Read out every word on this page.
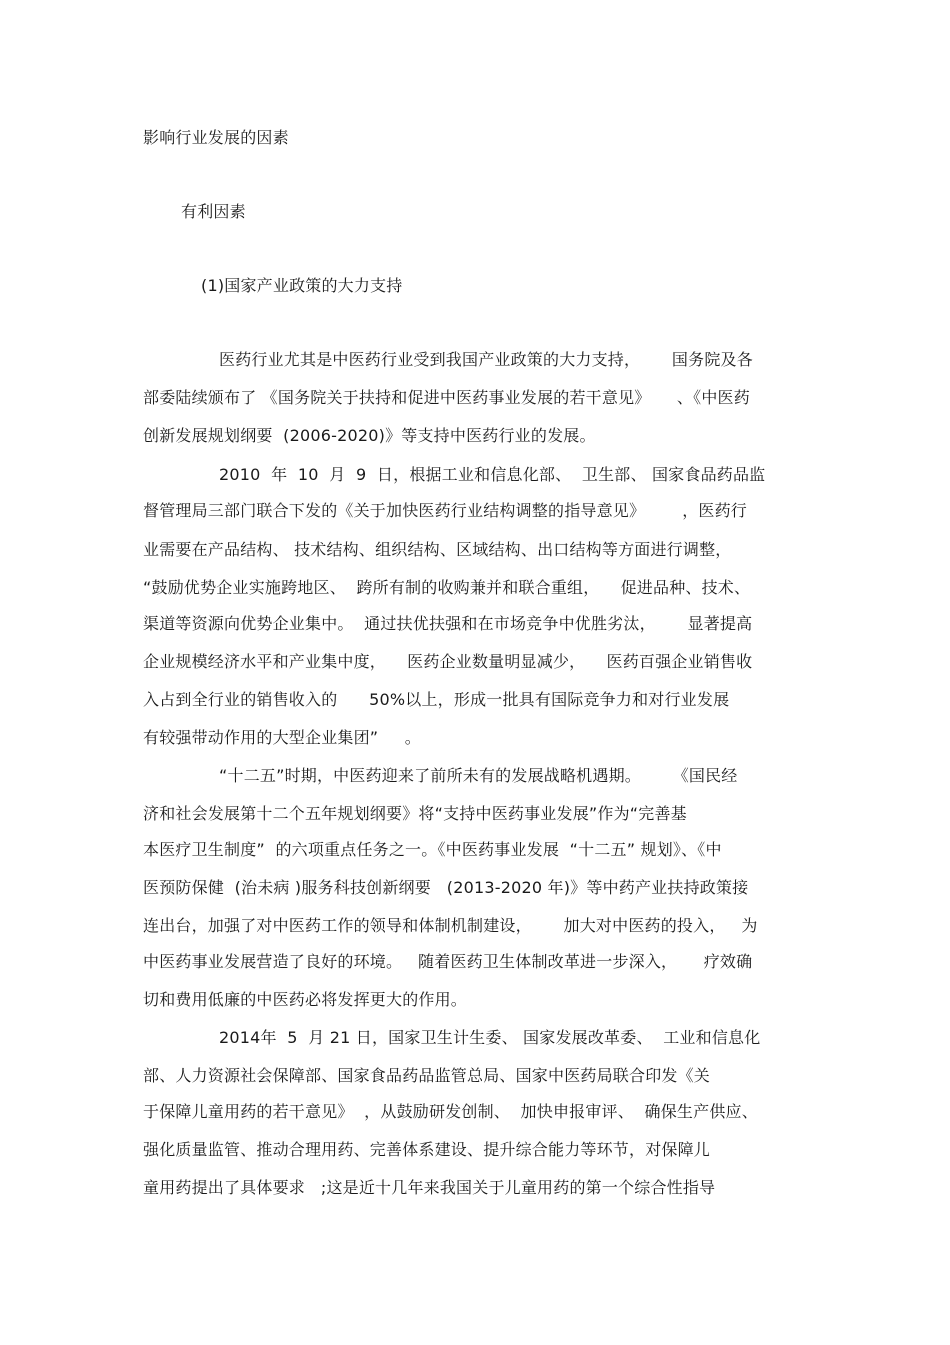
影响行业发展的因素
有利因素
(1)国家产业政策的大力支持
医药行业尤其是中医药行业受到我国产业政策的大力支持，      国务院及各
部委陆续颁布了 《国务院关于扶持和促进中医药事业发展的若干意见》     、《中医药
创新发展规划纲要  (2006-2020)》等支持中医药行业的发展。
2010  年  10  月  9  日，根据工业和信息化部、  卫生部、 国家食品药品监
督管理局三部门联合下发的《关于加快医药行业结构调整的指导意见》       ，医药行
业需要在产品结构、 技术结构、组织结构、区域结构、出口结构等方面进行调整，
“鼓励优势企业实施跨地区、  跨所有制的收购兼并和联合重组，    促进品种、技术、
渠道等资源向优势企业集中。  通过扶优扶强和在市场竞争中优胜劣汰，      显著提高
企业规模经济水平和产业集中度，    医药企业数量明显减少，    医药百强企业销售收
入占到全行业的销售收入的      50%以上，形成一批具有国际竞争力和对行业发展
有较强带动作用的大型企业集团”     。
“十二五”时期，中医药迎来了前所未有的发展战略机遇期。      《国民经
济和社会发展第十二个五年规划纲要》将“支持中医药事业发展”作为“完善基
本医疗卫生制度”  的六项重点任务之一。《中医药事业发展  “十二五” 规划》、《中
医预防保健  (治未病 )服务科技创新纲要   (2013-2020 年)》等中药产业扶持政策接
连出台，加强了对中医药工作的领导和体制机制建设，      加大对中医药的投入，   为
中医药事业发展营造了良好的环境。   随着医药卫生体制改革进一步深入，     疗效确
切和费用低廉的中医药必将发挥更大的作用。
2014年  5  月 21 日，国家卫生计生委、 国家发展改革委、  工业和信息化
部、人力资源社会保障部、国家食品药品监管总局、国家中医药局联合印发《关
于保障儿童用药的若干意见》  ，从鼓励研发创制、  加快申报审评、  确保生产供应、
强化质量监管、推动合理用药、完善体系建设、提升综合能力等环节，对保障儿
童用药提出了具体要求   ;这是近十几年来我国关于儿童用药的第一个综合性指导
